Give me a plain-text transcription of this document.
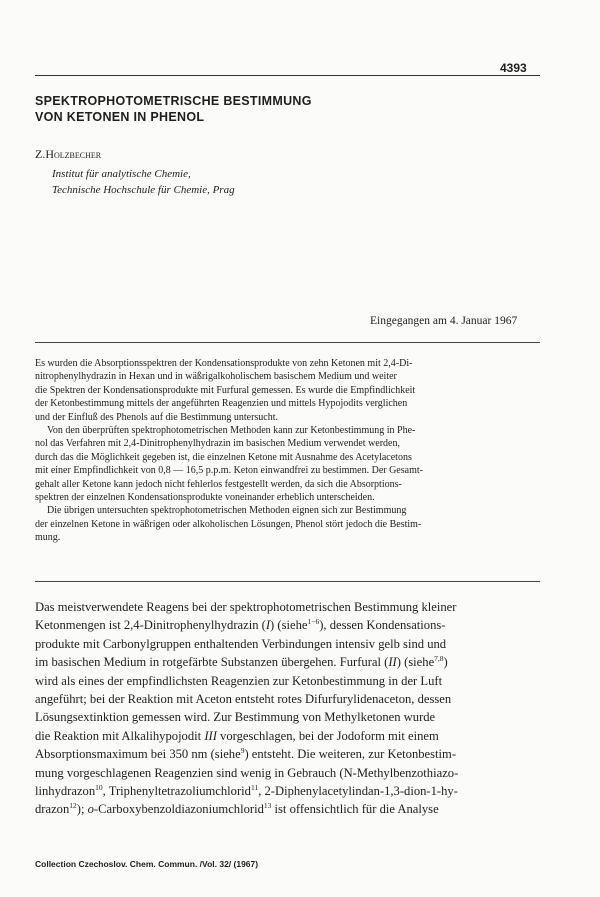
4393
SPEKTROPHOTOMETRISCHE BESTIMMUNG
VON KETONEN IN PHENOL
Z.Holzbecher
Institut für analytische Chemie,
Technische Hochschule für Chemie, Prag
Eingegangen am 4. Januar 1967
Es wurden die Absorptionsspektren der Kondensationsprodukte von zehn Ketonen mit 2,4-Di-
nitrophenylhydrazin in Hexan und in wäßrigalkoholischem basischem Medium und weiter
die Spektren der Kondensationsprodukte mit Furfural gemessen. Es wurde die Empfindlichkeit
der Ketonbestimmung mittels der angeführten Reagenzien und mittels Hypojodits verglichen
und der Einfluß des Phenols auf die Bestimmung untersucht.
Von den überprüften spektrophotometrischen Methoden kann zur Ketonbestimmung in Phe-
nol das Verfahren mit 2,4-Dinitrophenylhydrazin im basischen Medium verwendet werden,
durch das die Möglichkeit gegeben ist, die einzelnen Ketone mit Ausnahme des Acetylacetons
mit einer Empfindlichkeit von 0,8 — 16,5 p.p.m. Keton einwandfrei zu bestimmen. Der Gesamt-
gehalt aller Ketone kann jedoch nicht fehlerlos festgestellt werden, da sich die Absorptions-
spektren der einzelnen Kondensationsprodukte voneinander erheblich unterscheiden.
Die übrigen untersuchten spektrophotometrischen Methoden eignen sich zur Bestimmung
der einzelnen Ketone in wäßrigen oder alkoholischen Lösungen, Phenol stört jedoch die Bestim-
mung.
Das meistverwendete Reagens bei der spektrophotometrischen Bestimmung kleiner
Ketonmengen ist 2,4-Dinitrophenylhydrazin (I) (siehe$^{1-6}$), dessen Kondensations-
produkte mit Carbonylgruppen enthaltenden Verbindungen intensiv gelb sind und
im basischen Medium in rotgefärbte Substanzen übergehen. Furfural (II) (siehe$^{7,8}$)
wird als eines der empfindlichsten Reagenzien zur Ketonbestimmung in der Luft
angeführt; bei der Reaktion mit Aceton entsteht rotes Difurfurylidenaceton, dessen
Lösungsextinktion gemessen wird. Zur Bestimmung von Methylketonen wurde
die Reaktion mit Alkalihypojodit III vorgeschlagen, bei der Jodoform mit einem
Absorptionsmaximum bei 350 nm (siehe$^9$) entsteht. Die weiteren, zur Ketonbestim-
mung vorgeschlagenen Reagenzien sind wenig in Gebrauch (N-Methylbenzothiazo-
linhydrazon$^{10}$, Triphenyltetrazoliumchlorid$^{11}$, 2-Diphenylacetylindan-1,3-dion-1-hy-
drazon$^{12}$); o-Carboxybenzoldiazoniumchlorid$^{13}$ ist offensichtlich für die Analyse
Collection Czechoslov. Chem. Commun. /Vol. 32/ (1967)
